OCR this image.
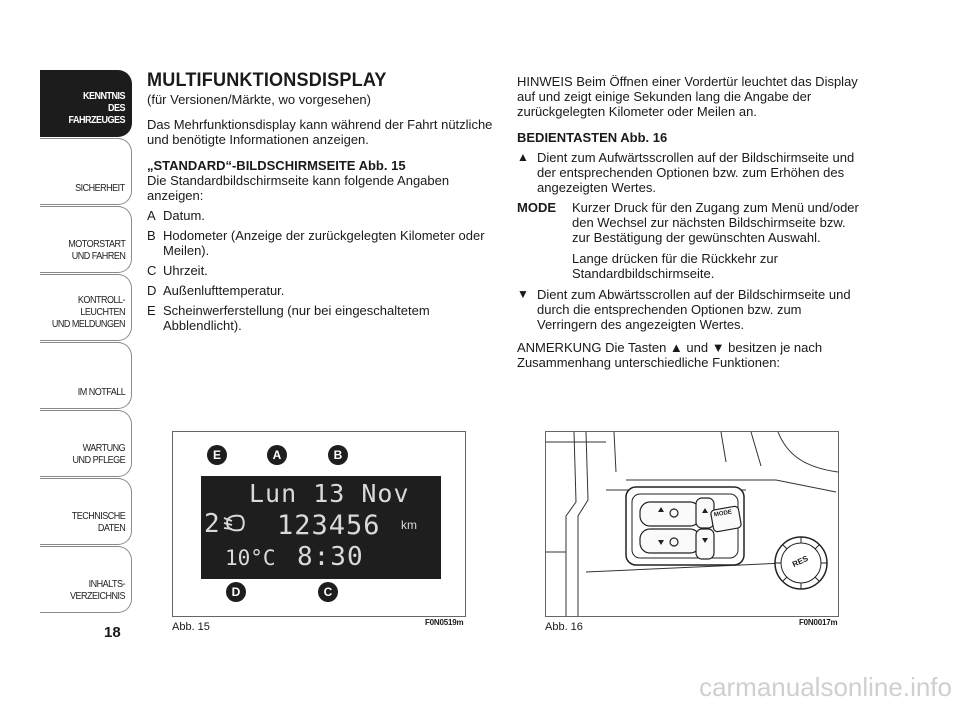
KENNTNIS
DES FAHRZEUGES
SICHERHEIT
MOTORSTART
UND FAHREN
KONTROLL-
LEUCHTEN
UND MELDUNGEN
IM NOTFALL
WARTUNG
UND PFLEGE
TECHNISCHE
DATEN
INHALTS-
VERZEICHNIS
18
MULTIFUNKTIONSDISPLAY

(für Versionen/Märkte, wo vorgesehen)

Das Mehrfunktionsdisplay kann während der Fahrt nützliche und benötigte Informationen anzeigen.

„STANDARD“-BILDSCHIRMSEITE Abb. 15

Die Standardbildschirmseite kann folgende Angaben anzeigen:

A Datum.
B Hodometer (Anzeige der zurückgelegten Kilometer oder Meilen).
C Uhrzeit.
D Außenlufttemperatur.
E Scheinwerferstellung (nur bei eingeschaltetem Abblendlicht).

HINWEIS Beim Öffnen einer Vordertür leuchtet das Display auf und zeigt einige Sekunden lang die Angabe der zurückgelegten Kilometer oder Meilen an.

BEDIENTASTEN Abb. 16

▲ Dient zum Aufwärtsscrollen auf der Bildschirmseite und der entsprechenden Optionen bzw. zum Erhöhen des angezeigten Wertes.
MODE	Kurzer Druck für den Zugang zum Menü und/oder den Wechsel zur nächsten Bildschirmseite bzw. zur Bestätigung der gewünschten Auswahl.

Lange drücken für die Rückkehr zur Standardbildschirmseite.

▼ Dient zum Abwärtsscrollen auf der Bildschirmseite und durch die entsprechenden Optionen bzw. zum Verringern des angezeigten Wertes.

ANMERKUNG Die Tasten ▲ und ▼ besitzen je nach Zusammenhang unterschiedliche Funktionen:

Lun 13 Nov
2 123456 km
10°C 8:30
E	A	B
D	C
Abb. 15	F0N0519m
MODE
RES
Abb. 16	F0N0017m
carmanualsonline.info
